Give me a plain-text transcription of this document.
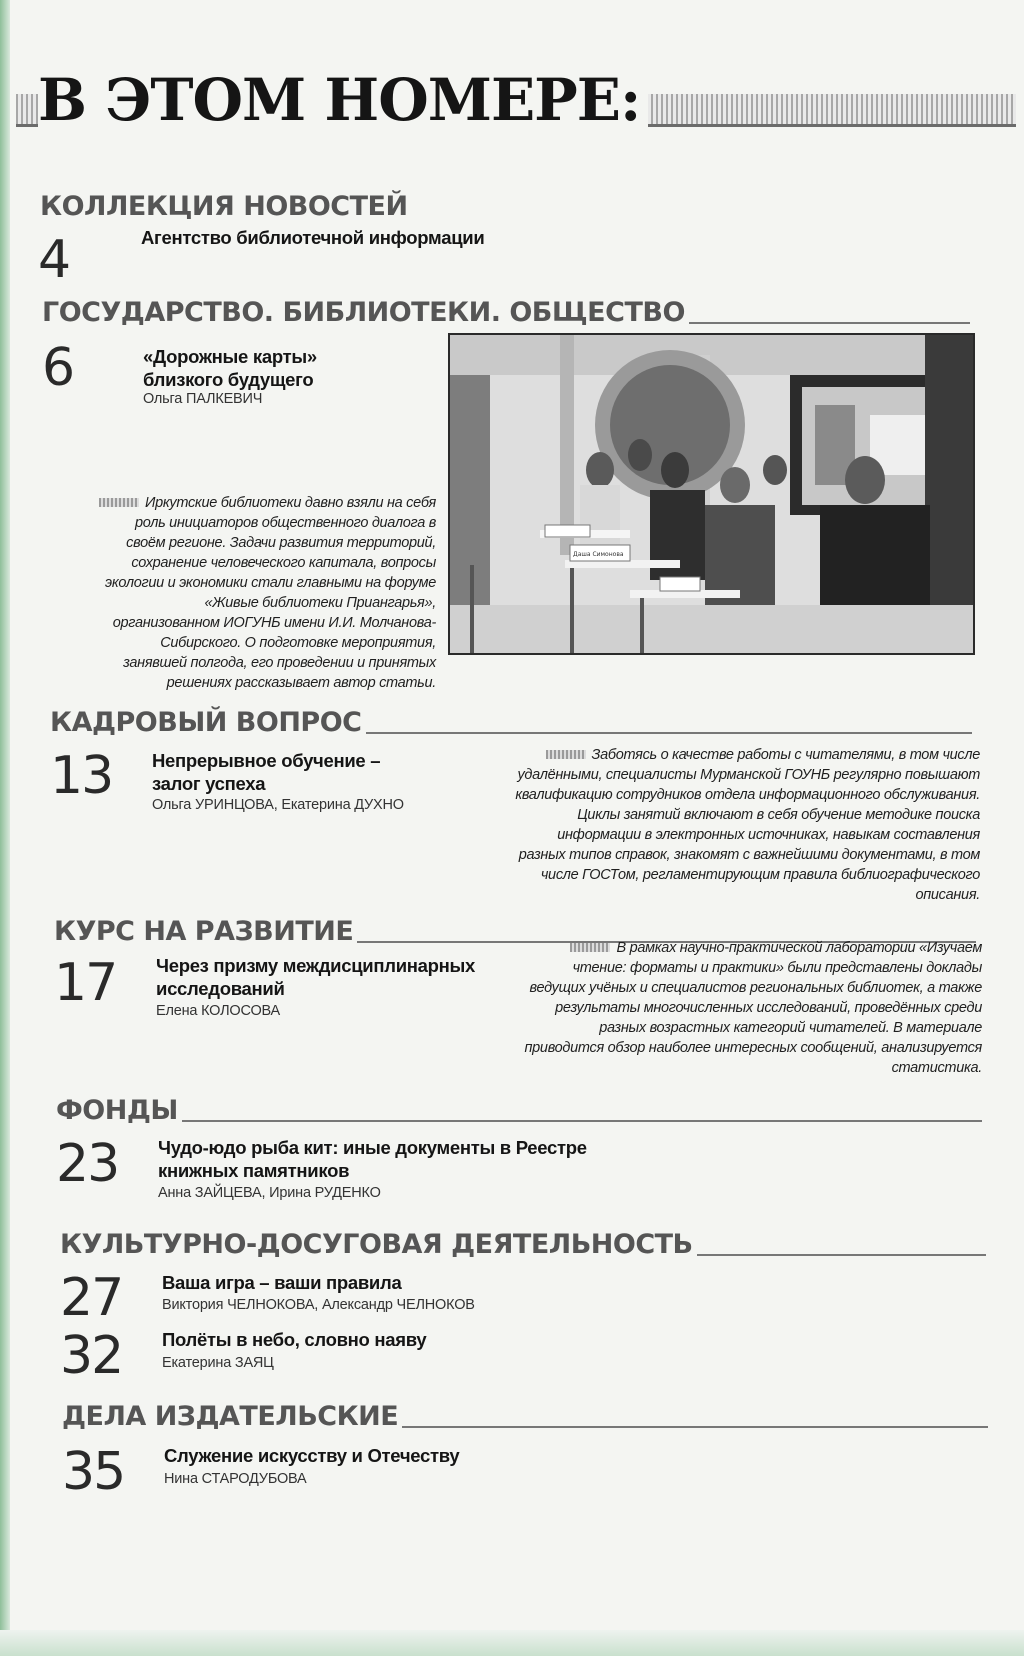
В ЭТОМ НОМЕРЕ:
КОЛЛЕКЦИЯ НОВОСТЕЙ
4	Агентство библиотечной информации
ГОСУДАРСТВО. БИБЛИОТЕКИ. ОБЩЕСТВО
6	«Дорожные карты» близкого будущего
Ольга ПАЛКЕВИЧ
Иркутские библиотеки давно взяли на себя роль инициаторов общественного диалога в своём регионе. Задачи развития территорий, сохранение человеческого капитала, вопросы экологии и экономики стали главными на форуме «Живые библиотеки Приангарья», организованном ИОГУНБ имени И.И. Молчанова-Сибирского. О подготовке мероприятия, занявшей полгода, его проведении и принятых решениях рассказывает автор статьи.
Даша Симонова
КАДРОВЫЙ ВОПРОС
13 Непрерывное обучение – залог успеха
Ольга УРИНЦОВА, Екатерина ДУХНО
Заботясь о качестве работы с читателями, в том числе удалёнными, специалисты Мурманской ГОУНБ регулярно повышают квалификацию сотрудников отдела информационного обслуживания. Циклы занятий включают в себя обучение методике поиска информации в электронных источниках, навыкам составления разных типов справок, знакомят с важнейшими документами, в том числе ГОСТом, регламентирующим правила библиографического описания.
КУРС НА РАЗВИТИЕ
17 Через призму междисциплинарных исследований
Елена КОЛОСОВА
В рамках научно-практической лаборатории «Изучаем чтение: форматы и практики» были представлены доклады ведущих учёных и специалистов региональных библиотек, а также результаты многочисленных исследований, проведённых среди разных возрастных категорий читателей. В материале приводится обзор наиболее интересных сообщений, анализируется статистика.
ФОНДЫ
23 Чудо-юдо рыба кит: иные документы в Реестре книжных памятников
Анна ЗАЙЦЕВА, Ирина РУДЕНКО
КУЛЬТУРНО-ДОСУГОВАЯ ДЕЯТЕЛЬНОСТЬ
27 Ваша игра – ваши правила
Виктория ЧЕЛНОКОВА, Александр ЧЕЛНОКОВ
32 Полёты в небо, словно наяву
Екатерина ЗАЯЦ
ДЕЛА ИЗДАТЕЛЬСКИЕ
35 Служение искусству и Отечеству
Нина СТАРОДУБОВА
